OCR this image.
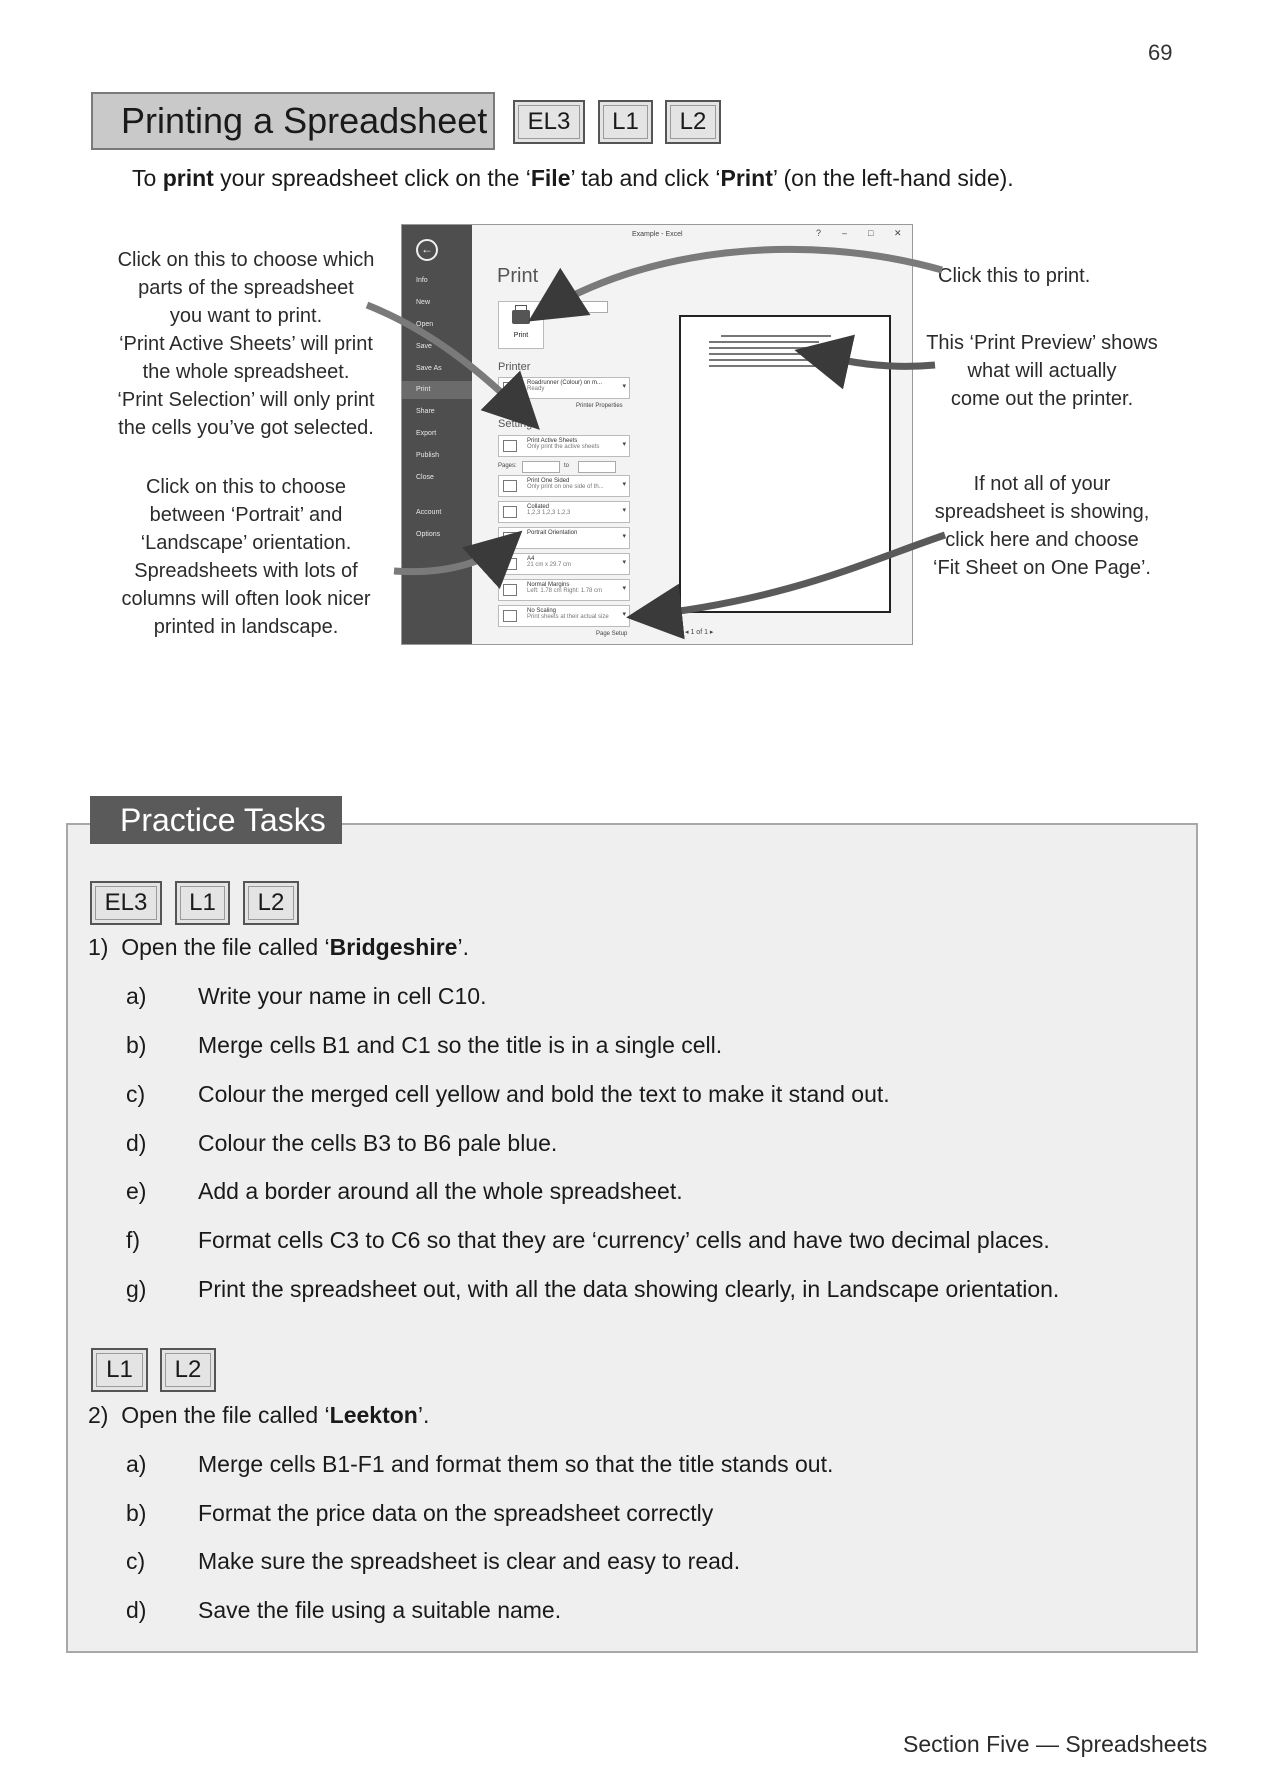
69
Printing a Spreadsheet	EL3	L1	L2
To print your spreadsheet click on the ‘File’ tab and click ‘Print’ (on the left-hand side).
Click on this to choose which
parts of the spreadsheet
you want to print.
‘Print Active Sheets’ will print
the whole spreadsheet.
‘Print Selection’ will only print
the cells you’ve got selected.
Click on this to choose
between ‘Portrait’ and
‘Landscape’ orientation.
Spreadsheets with lots of
columns will often look nicer
printed in landscape.
Click this to print.
This ‘Print Preview’ shows
what will actually
come out the printer.
If not all of your
spreadsheet is showing,
click here and choose
‘Fit Sheet on One Page’.
←
Info
New
Open
Save
Save As
Print
Share
Export
Publish
Close
Account
Options
Example - Excel	? – □ ✕
Print
Print
1
Printer
Roadrunner (Colour) on m...
Ready
▾
Printer Properties
Settings
Print Active Sheets
Only print the active sheets
▾
Pages:	to
Print One Sided
Only print on one side of th...
▾
Collated
1,2,3 1,2,3 1,2,3
▾
Portrait Orientation
▾
A4
21 cm x 29.7 cm
▾
Normal Margins
Left: 1.78 cm Right: 1.78 cm
▾
No Scaling
Print sheets at their actual size
▾
Page Setup	◂ 1 of 1 ▸
Practice Tasks
EL3	L1	L2
1) Open the file called ‘Bridgeshire’.
a) Write your name in cell C10.
b) Merge cells B1 and C1 so the title is in a single cell.
c) Colour the merged cell yellow and bold the text to make it stand out.
d) Colour the cells B3 to B6 pale blue.
e) Add a border around all the whole spreadsheet.
f)	Format cells C3 to C6 so that they are ‘currency’ cells and have two decimal places.
g) Print the spreadsheet out, with all the data showing clearly, in Landscape orientation.
L1	L2
2) Open the file called ‘Leekton’.
a) Merge cells B1-F1 and format them so that the title stands out.
b) Format the price data on the spreadsheet correctly
c) Make sure the spreadsheet is clear and easy to read.
d) Save the file using a suitable name.
Section Five — Spreadsheets
